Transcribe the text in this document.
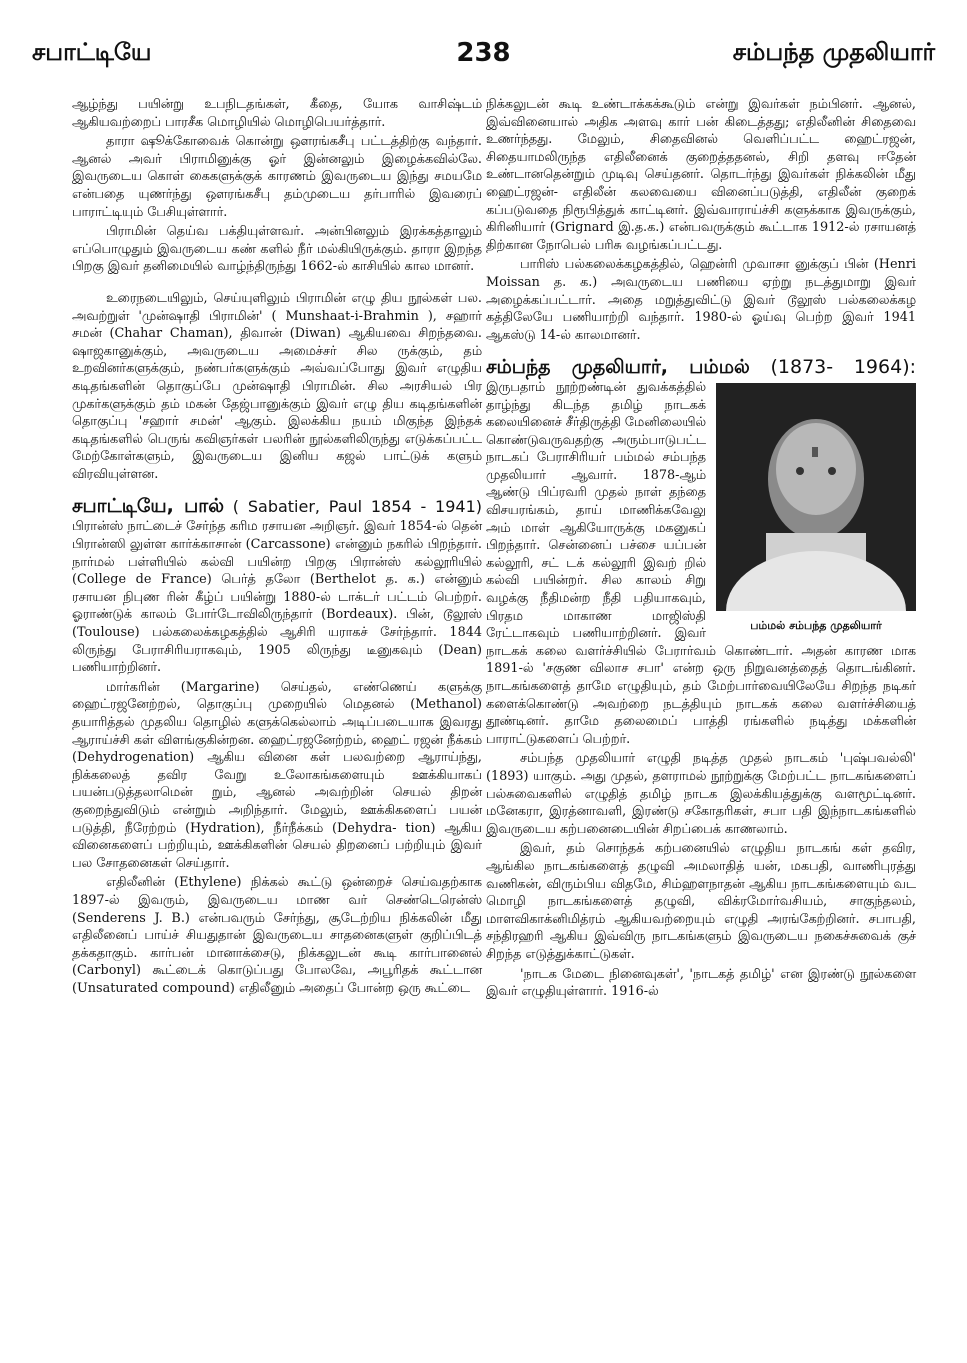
சபாட்டியே	238	சம்பந்த முதலியார்

ஆழ்ந்து பயின்று உபநிடதங்கள், கீதை, யோக வாசிஷ்டம் ஆகியவற்றைப் பாரசீக மொழியில் மொழிபெயர்த்தார்.

தாரா ஷூக்கோவைக் கொன்று ஔரங்கசீபு பட்டத்திற்கு வந்தார். ஆனல் அவர் பிராமினுக்கு ஓர் இன்னலும் இழைக்கவில்லே. இவருடைய கொள் கைகளுக்குக் காரணம் இவருடைய இந்து சமயமே என்பதை யுணர்ந்து ஔரங்கசீபு தம்முடைய தர்பாரில் இவரைப் பாராட்டியும் பேசியுள்ளார்.

பிராமின் தெய்வ பக்தியுள்ளவர். அன்பினலும் இரக்கத்தாலும் எப்பொழுதும் இவருடைய கண் களில் நீர் மல்கியிருக்கும். தாரா இறந்த பிறகு இவர் தனிமையில் வாழ்ந்திருந்து 1662-ல் காசியில் கால மானர்.

உரைநடையிலும், செய்யுளிலும் பிராமின் எழு திய நூல்கள் பல. அவற்றுள் 'முன்ஷாதி பிராமின்' ( Munshaat-i-Brahmin ), சஹார் சமன் (Chahar Chaman), திவான் (Diwan) ஆகியவை சிறந்தவை. ஷாஜகானுக்கும், அவருடைய அமைச்சர் சில ருக்கும், தம் உறவினர்களுக்கும், நண்பர்களுக்கும் அவ்வப்போது இவர் எழுதிய கடிதங்களின் தொகுப்பே முன்ஷாதி பிராமின். சில அரசியல் பிர முகர்களுக்கும் தம் மகன் தேஜ்பானுக்கும் இவர் எழு திய கடிதங்களின் தொகுப்பு 'சஹார் சமன்' ஆகும். இலக்கிய நயம் மிகுந்த இந்தக் கடிதங்களில் பெருங் கவிஞர்கள் பலரின் நூல்களிலிருந்து எடுக்கப்பட்ட மேற்கோள்களும், இவருடைய இனிய கஜல் பாட்டுக் களும் விரவியுள்ளன.

சபாட்டியே, பால் ( Sabatier, Paul 1854 - 1941) பிரான்ஸ் நாட்டைச் சேர்ந்த கரிம ரசாயன அறிஞர். இவர் 1854-ல் தென் பிரான்ஸி லுள்ள கார்க்காசான் (Carcassone) என்னும் நகரில் பிறந்தார். நார்மல் பள்ளியில் கல்வி பயின்ற பிறகு பிரான்ஸ் கல்லூரியில் (College de France) பெர்த் தலோ (Berthelot த. க.) என்னும் ரசாயன நிபுண ரின் கீழ்ப் பயின்று 1880-ல் டாக்டர் பட்டம் பெற்றர். ஓராண்டுக் காலம் போர்டோவிலிருந்தார் (Bordeaux). பின், டூலூஸ் (Toulouse) பல்கலைக்கழகத்தில் ஆசிரி யராகச் சேர்ந்தார். 1844 லிருந்து பேராசிரியராகவும், 1905 லிருந்து டீனுகவும் (Dean) பணியாற்றினர்.

மார்கரின் (Margarine) செய்தல், எண்ணெய் களுக்கு ஹைட்ரஜனேற்றல், தொகுப்பு முறையில் மெதனல் (Methanol) தயாரித்தல் முதலிய தொழில் களுக்கெல்லாம் அடிப்படையாக இவரது ஆராய்ச்சி கள் விளங்குகின்றன. ஹைட்ரஜனேற்றம், ஹைட் ரஜன் நீக்கம் (Dehydrogenation) ஆகிய வினை கள் பலவற்றை ஆராய்ந்து, நிக்கலைத் தவிர வேறு உலோகங்களையும் ஊக்கியாகப் பயன்படுத்தலாமென் றும், ஆனல் அவற்றின் செயல் திறன் குறைந்துவிடும் என்றும் அறிந்தார். மேலும், ஊக்கிகளைப் பயன் படுத்தி, நீரேற்றம் (Hydration), நீர்நீக்கம் (Dehydra- tion) ஆகிய வினைகளைப் பற்றியும், ஊக்கிகளின் செயல் திறனைப் பற்றியும் இவர் பல சோதனைகள் செய்தார்.

எதிலீனின் (Ethylene) நிக்கல் கூட்டு ஒன்றைச் செய்வதற்காக 1897-ல் இவரும், இவருடைய மாண வர் செண்டெரென்ஸ் (Senderens J. B.) என்பவரும் சேர்ந்து, சூடேற்றிய நிக்கலின் மீது எதிலீனைப் பாய்ச் சியதுதான் இவருடைய சாதனைகளுள் குறிப்பிடத் தக்கதாகும். கார்பன் மானாக்சைடு, நிக்கலுடன் கூடி கார்பானைல் (Carbonyl) கூட்டைக் கொடுப்பது போலவே, அபூரிதக் கூட்டான (Unsaturated compound) எதிலீனும் அதைப் போன்ற ஒரு கூட்டை

நிக்கலுடன் கூடி உண்டாக்கக்கூடும் என்று இவர்கள் நம்பினர். ஆனல், இவ்வினையால் அதிக அளவு கார் பன் கிடைத்தது; எதிலீனின் சிதைவை உணர்ந்தது. மேலும், சிதைவினல் வெளிப்பட்ட ஹைட்ரஜன், சிதையாமலிருந்த எதிலீனைக் குறைத்ததனல், சிறி தளவு ஈதேன் உண்டானதென்றும் முடிவு செய்தனர். தொடர்ந்து இவர்கள் நிக்கலின் மீது ஹைட்ரஜன்- எதிலீன் கலவையை வினைப்படுத்தி, எதிலீன் குறைக் கப்படுவதை நிரூபித்துக் காட்டினர். இவ்வாராய்ச்சி களுக்காக இவருக்கும், கிரினியார் (Grignard இ.த.க.) என்பவருக்கும் கூட்டாக 1912-ல் ரசாயனத் திற்கான நோபெல் பரிசு வழங்கப்பட்டது.

பாரிஸ் பல்கலைக்கழகத்தில், ஹென்ரி முவாசா னுக்குப் பின் (Henri Moissan த. க.) அவருடைய பணியை ஏற்று நடத்துமாறு இவர் அழைக்கப்பட்டார். அதை மறுத்துவிட்டு இவர் டூலூஸ் பல்கலைக்கழ கத்திலேயே பணியாற்றி வந்தார். 1980-ல் ஓய்வு பெற்ற இவர் 1941 ஆகஸ்டு 14-ல் காலமானர்.

சம்பந்த முதலியார், பம்மல் (1873- 1964):
பம்மல் சம்பந்த முதலியார்
இருபதாம் நூற்றண்டின் துவக்கத்தில் தாழ்ந்து கிடந்த தமிழ் நாடகக் கலையினைச் சீர்திருத்தி மேனிலையில் கொண்டுவருவதற்கு அரும்பாடுபட்ட நாடகப் பேராசிரியர் பம்மல் சம்பந்த முதலியார் ஆவார். 1878-ஆம் ஆண்டு பிப்ரவரி முதல் நாள் தந்தை விசயரங்கம், தாய் மாணிக்கவேலு அம் மாள் ஆகியோருக்கு மகனுகப் பிறந்தார். சென்னைப் பச்சை யப்பன் கல்லூரி, சட் டக் கல்லூரி இவற் றில் கல்வி பயின்றர். சில காலம் சிறு வழக்கு நீதிமன்ற நீதி பதியாகவும், பிரதம மாகாண மாஜிஸ்தி ரேட்டாகவும் பணியாற்றினர். இவர் நாடகக் கலை வளர்ச்சியில் பேரார்வம் கொண்டார். அதன் காரண மாக 1891-ல் 'சகுண விலாச சபா' என்ற ஒரு நிறுவனத்தைத் தொடங்கினர். நாடகங்களைத் தாமே எழுதியும், தம் மேற்பார்வையிலேயே சிறந்த நடிகர் களைக்கொண்டு அவற்றை நடத்தியும் நாடகக் கலை வளர்ச்சியைத் தூண்டினர். தாமே தலைமைப் பாத்தி ரங்களில் நடித்து மக்களின் பாராட்டுகளைப் பெற்றர்.

சம்பந்த முதலியார் எழுதி நடித்த முதல் நாடகம் 'புஷ்பவல்லி' (1893) யாகும். அது முதல், தளராமல் நூற்றுக்கு மேற்பட்ட நாடகங்களைப் பல்சுவைகளில் எழுதித் தமிழ் நாடக இலக்கியத்துக்கு வளமூட்டினர். மனேகரா, இரத்னாவளி, இரண்டு சகோதரிகள், சபா பதி இந்நாடகங்களில் இவருடைய கற்பனைடையின் சிறப்பைக் காணலாம்.

இவர், தம் சொந்தக் கற்பனையில் எழுதிய நாடகங் கள் தவிர, ஆங்கில நாடகங்களைத் தழுவி அமலாதித் யன், மகபதி, வாணிபுரத்து வணிகன், விரும்பிய விதமே, சிம்ஹளநாதன் ஆகிய நாடகங்களையும் வட மொழி நாடகங்களைத் தழுவி, விக்ரமோர்வசியம், சாகுந்தலம், மாளவிகாக்னிமித்ரம் ஆகியவற்றையும் எழுதி அரங்கேற்றினர். சபாபதி, சந்திரஹரி ஆகிய இவ்விரு நாடகங்களும் இவருடைய நகைச்சுவைக் குச் சிறந்த எடுத்துக்காட்டுகள்.

'நாடக மேடை நினைவுகள்', 'நாடகத் தமிழ்' என இரண்டு நூல்களை இவர் எழுதியுள்ளார். 1916-ல்
